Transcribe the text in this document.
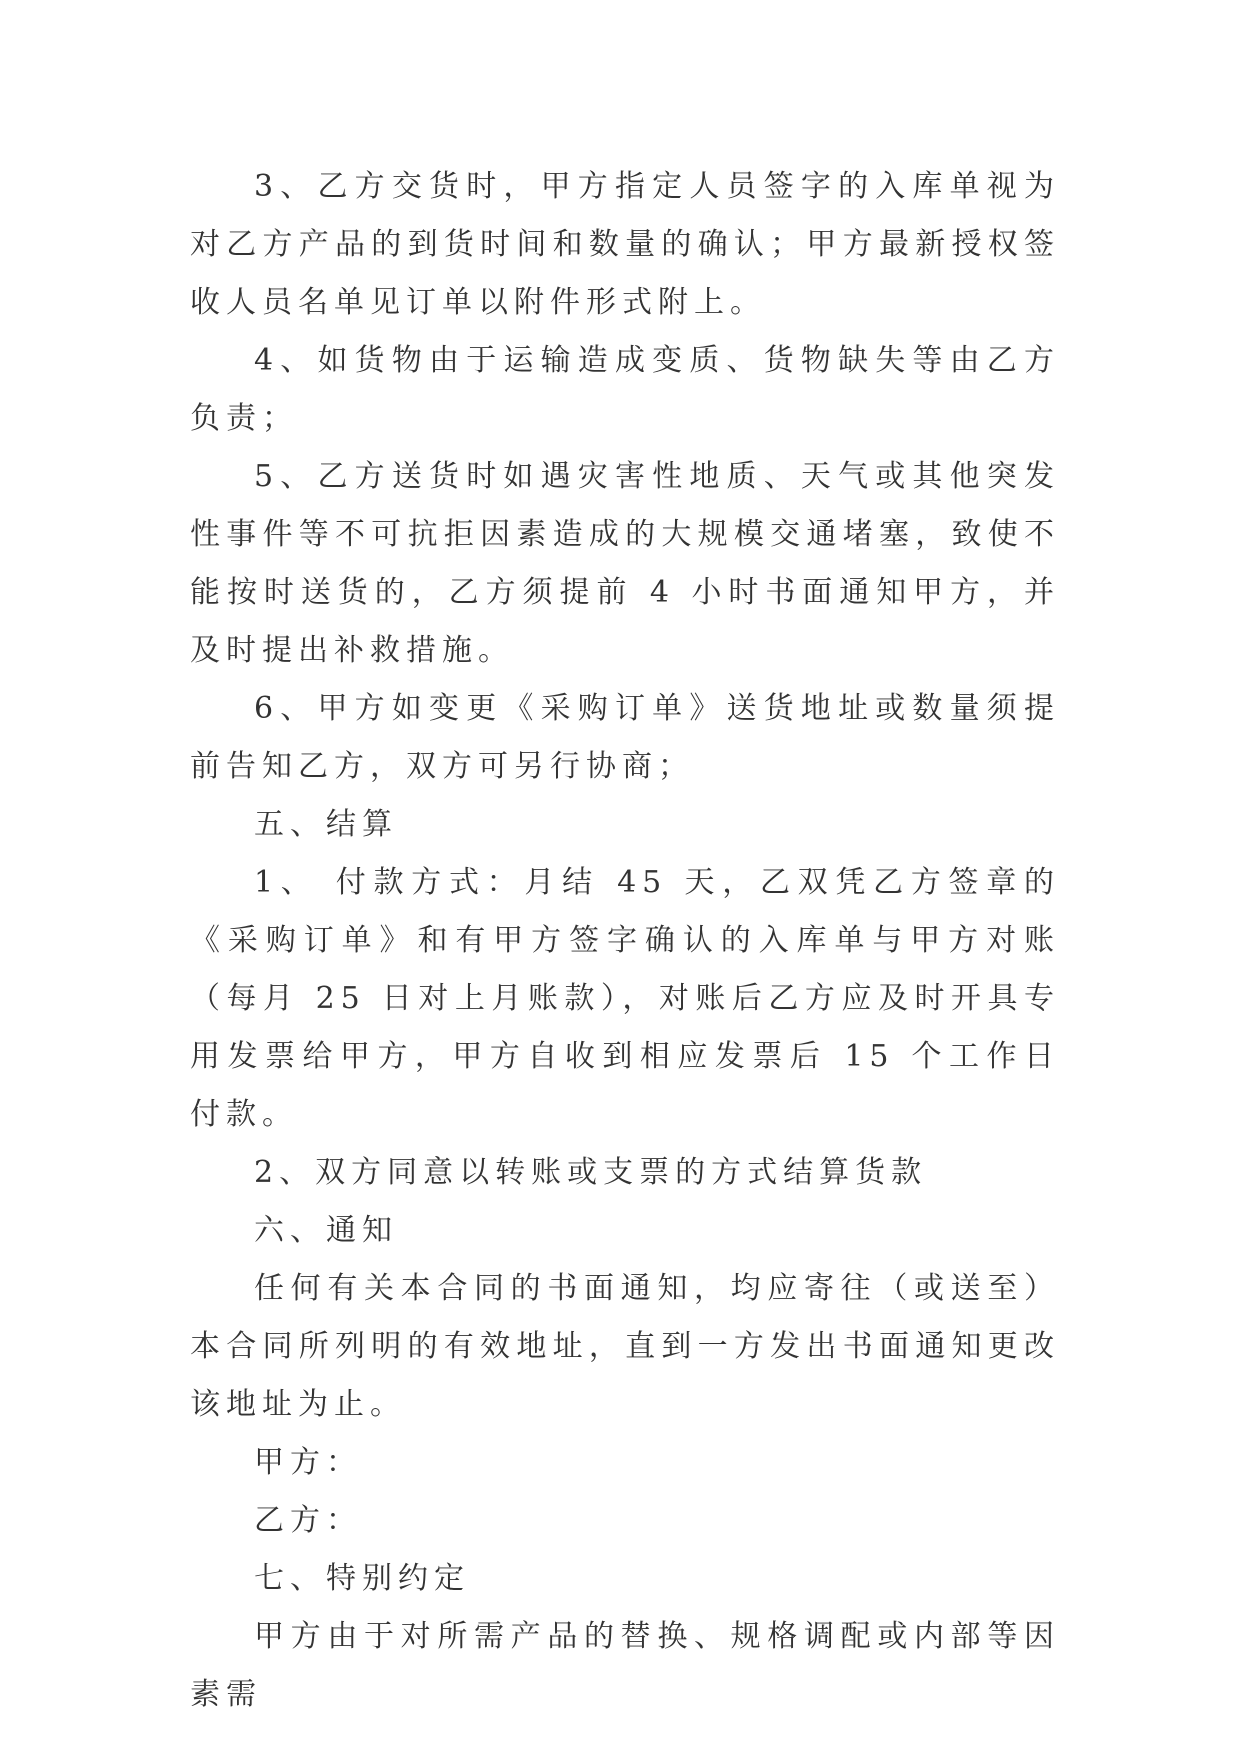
3、乙方交货时，甲方指定人员签字的入库单视为对乙方产品的到货时间和数量的确认；甲方最新授权签收人员名单见订单以附件形式附上。

4、如货物由于运输造成变质、货物缺失等由乙方负责；

5、乙方送货时如遇灾害性地质、天气或其他突发性事件等不可抗拒因素造成的大规模交通堵塞，致使不能按时送货的，乙方须提前 4 小时书面通知甲方，并及时提出补救措施。

6、甲方如变更《采购订单》送货地址或数量须提前告知乙方，双方可另行协商；

五、结算

1、 付款方式：月结 45 天，乙双凭乙方签章的《采购订单》和有甲方签字确认的入库单与甲方对账（每月 25 日对上月账款），对账后乙方应及时开具专用发票给甲方，甲方自收到相应发票后 15 个工作日付款。

2、双方同意以转账或支票的方式结算货款

六、通知

任何有关本合同的书面通知，均应寄往（或送至）本合同所列明的有效地址，直到一方发出书面通知更改该地址为止。

甲方：

乙方：

七、特别约定

甲方由于对所需产品的替换、规格调配或内部等因素需
